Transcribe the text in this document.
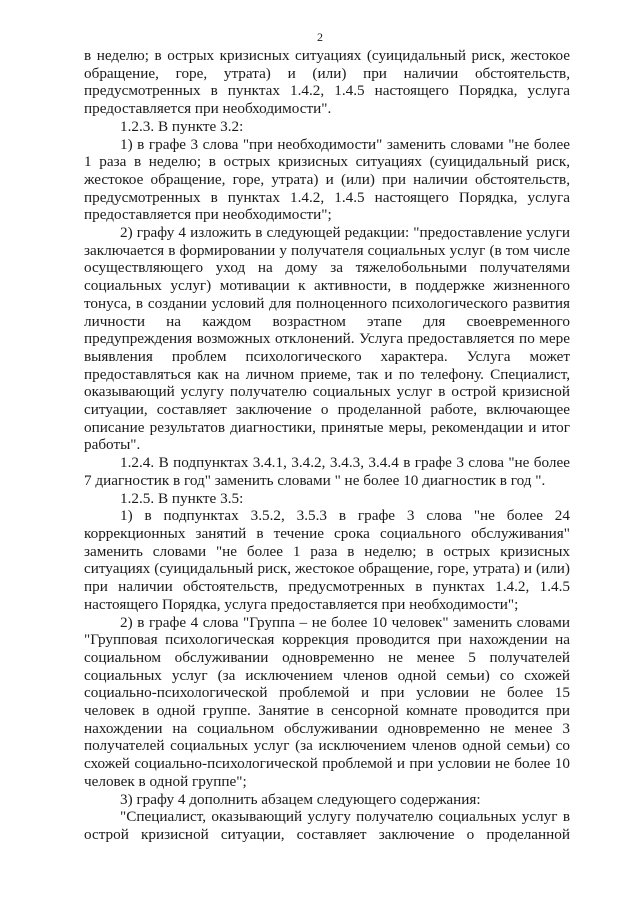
2

в неделю; в острых кризисных ситуациях (суицидальный риск, жестокое обращение, горе, утрата) и (или) при наличии обстоятельств, предусмотренных в пунктах 1.4.2, 1.4.5 настоящего Порядка, услуга предоставляется при необходимости".

1.2.3. В пункте 3.2:

1) в графе 3 слова "при необходимости" заменить словами "не более 1 раза в неделю; в острых кризисных ситуациях (суицидальный риск, жестокое обращение, горе, утрата) и (или) при наличии обстоятельств, предусмотренных в пунктах 1.4.2, 1.4.5 настоящего Порядка, услуга предоставляется при необходимости";

2) графу 4 изложить в следующей редакции: "предоставление услуги заключается в формировании у получателя социальных услуг (в том числе осуществляющего уход на дому за тяжелобольными получателями социальных услуг) мотивации к активности, в поддержке жизненного тонуса, в создании условий для полноценного психологического развития личности на каждом возрастном этапе для своевременного предупреждения возможных отклонений. Услуга предоставляется по мере выявления проблем психологического характера. Услуга может предоставляться как на личном приеме, так и по телефону. Специалист, оказывающий услугу получателю социальных услуг в острой кризисной ситуации, составляет заключение о проделанной работе, включающее описание результатов диагностики, принятые меры, рекомендации и итог работы".

1.2.4. В подпунктах 3.4.1, 3.4.2, 3.4.3, 3.4.4 в графе 3 слова "не более 7 диагностик в год" заменить словами " не более 10 диагностик в год ".

1.2.5. В пункте 3.5:

1) в подпунктах 3.5.2, 3.5.3 в графе 3 слова "не более 24 коррекционных занятий в течение срока социального обслуживания" заменить словами "не более 1 раза в неделю; в острых кризисных ситуациях (суицидальный риск, жестокое обращение, горе, утрата) и (или) при наличии обстоятельств, предусмотренных в пунктах 1.4.2, 1.4.5 настоящего Порядка, услуга предоставляется при необходимости";

2) в графе 4 слова "Группа – не более 10 человек" заменить словами "Групповая психологическая коррекция проводится при нахождении на социальном обслуживании одновременно не менее 5 получателей социальных услуг (за исключением членов одной семьи) со схожей социально-психологической проблемой и при условии не более 15 человек в одной группе. Занятие в сенсорной комнате проводится при нахождении на социальном обслуживании одновременно не менее 3 получателей социальных услуг (за исключением членов одной семьи) со схожей социально-психологической проблемой и при условии не более 10 человек в одной группе";

3) графу 4 дополнить абзацем следующего содержания:

"Специалист, оказывающий услугу получателю социальных услуг в острой кризисной ситуации, составляет заключение о проделанной
